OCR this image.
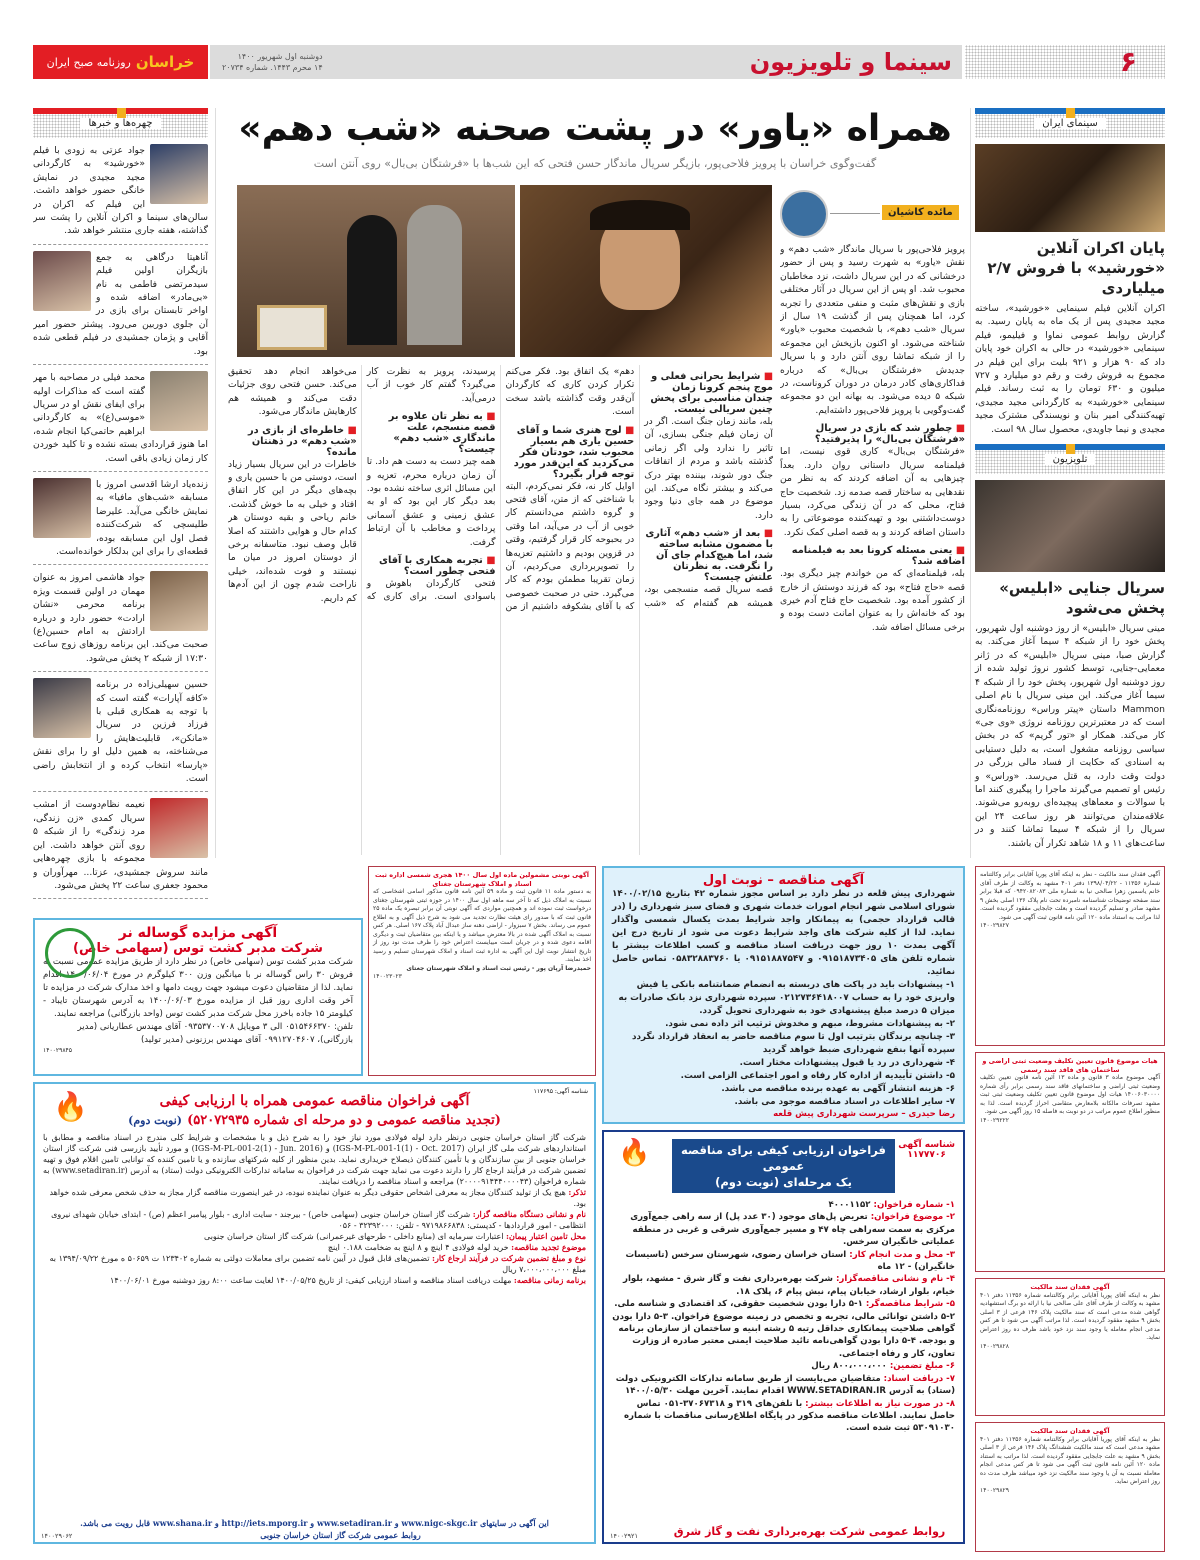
۶
سینما و تلویزیون
دوشنبه اول شهریور ۱۴۰۰
۱۴ محرم ۱۴۴۳. شماره ۲۰۷۳۴
خراسان
روزنامه صبح ایران
چهره‌ها و خبرها

جواد عزتی به زودی با فیلم «خورشید» به کارگردانی مجید مجیدی در نمایش خانگی حضور خواهد داشت. این فیلم که اکران در سالن‌های سینما و اکران آنلاین را پشت سر گذاشته، هفته جاری منتشر خواهد شد.

آناهیتا درگاهی به جمع بازیگران اولین فیلم سیدمرتضی فاطمی به نام «بی‌مادر» اضافه شده و اواخر تابستان برای بازی در آن جلوی دوربین می‌رود. پیشتر حضور امیر آقایی و پژمان جمشیدی در فیلم قطعی شده بود.

محمد فیلی در مصاحبه با مهر گفته است که مذاکرات اولیه برای ایفای نقش او در سریال «موسی(ع)» به کارگردانی ابراهیم حاتمی‌کیا انجام شده، اما هنوز قراردادی بسته نشده و تا کلید خوردن کار زمان زیادی باقی است.

زنده‌یاد ارشا اقدسی امروز با مسابقه «شب‌های مافیا» به نمایش خانگی می‌آید. علیرضا طلیسچی که شرکت‌کننده فصل اول این مسابقه بوده، قطعه‌ای را برای این بدلکار خوانده‌است.

جواد هاشمی امروز به عنوان مهمان در اولین قسمت ویژه برنامه محرمی «نشان ارادت» حضور دارد و درباره ارادتش به امام حسین(ع) صحبت می‌کند. این برنامه روزهای زوج ساعت ۱۷:۳۰ از شبکه ۲ پخش می‌شود.

حسین سهیلی‌زاده در برنامه «کافه آپارات» گفته است که با توجه به همکاری قبلی با فرزاد فرزین در سریال «مانکن»، قابلیت‌هایش را می‌شناخته، به همین دلیل او را برای نقش «پارسا» انتخاب کرده و از انتخابش راضی است.

نعیمه نظام‌دوست از امشب سریال کمدی «زن زندگی، مرد زندگی» را از شبکه ۵ روی آنتن خواهد داشت. این مجموعه با بازی چهره‌هایی مانند سروش جمشیدی، عزتا... مهرآوران و محمود جعفری ساعت ۲۲ پخش می‌شود.

همراه «یاور» در پشت صحنه «شب دهم»
گفت‌وگوی خراسان با پرویز فلاحی‌پور، بازیگر سریال ماندگار حسن فتحی که این شب‌ها با «فرشتگان بی‌بال» روی آنتن است
مائده کاشیان

پرویز فلاحی‌پور با سریال ماندگار «شب دهم» و نقش «یاور» به شهرت رسید و پس از حضور درخشانی که در این سریال داشت، نزد مخاطبان محبوب شد. او پس از این سریال در آثار مختلفی بازی و نقش‌های مثبت و منفی متعددی را تجربه کرد، اما همچنان پس از گذشت ۱۹ سال از سریال «شب دهم»، با شخصیت محبوب «یاور» شناخته می‌شود. او اکنون بازپخش این مجموعه را از شبکه تماشا روی آنتن دارد و با سریال جدیدش «فرشتگان بی‌بال» که درباره فداکاری‌های کادر درمان در دوران کروناست، در شبکه ۵ دیده می‌شود. به بهانه این دو مجموعه گفت‌وگویی با پرویز فلاحی‌پور داشته‌ایم.

■ چطور شد که بازی در سریال «فرشتگان بی‌بال» را پذیرفتید؟

«فرشتگان بی‌بال» کاری قوی نیست، اما فیلمنامه سریال داستانی روان دارد. بعداً چیزهایی به آن اضافه کردند که به نظر من نقدهایی به ساختار قصه صدمه زد. شخصیت حاج فتاح، محلی که در آن زندگی می‌کرد، بسیار دوست‌داشتنی بود و تهیه‌کننده موضوعاتی را به داستان اضافه کردند و به قصه اصلی کمک نکرد.

■ یعنی مسئله کرونا بعد به فیلمنامه اضافه شد؟

بله، فیلمنامه‌ای که من خواندم چیز دیگری بود. قصه «حاج فتاح» بود که فرزند دوستش از خارج از کشور آمده بود. شخصیت حاج فتاح آدم خیری بود که خانه‌اش را به عنوان امانت دست بوده و برخی مسائل اضافه شد.

■ شرایط بحرانی فعلی و موج پنجم کرونا زمان چندان مناسبی برای پخش چنین سریالی نیست.

بله، مانند زمان جنگ است. اگر در آن زمان فیلم جنگی بسازی، آن تاثیر را ندارد ولی اگر زمانی گذشته باشد و مردم از اتفاقات جنگ دور شوند، بیننده بهتر درک می‌کند و بیشتر نگاه می‌کند. این موضوع در همه جای دنیا وجود دارد.

■ بعد از «شب دهم» آثاری با مضمون مشابه ساخته شد، اما هیچ‌کدام جای آن را نگرفت. به نظرتان علتش چیست؟

قصه سریال قصه منسجمی بود، همیشه هم گفته‌ام که «شب دهم» یک اتفاق بود. فکر می‌کنم تکرار کردن کاری که کارگردان آن‌قدر وقت گذاشته باشد سخت است.

■ لوح هنری شما و آقای حسین یاری هم بسیار محبوب شد، خودتان فکر می‌کردید که این‌قدر مورد توجه قرار بگیرد؟

اوایل کار نه، فکر نمی‌کردم، البته با شناختی که از متن، آقای فتحی و گروه داشتم می‌دانستم کار خوبی از آب در می‌آید، اما وقتی در بحبوحه کار قرار گرفتیم، وقتی در قزوین بودیم و داشتیم تعزیه‌ها را تصویربرداری می‌کردیم، آن زمان تقریبا مطمئن بودم که کار می‌گیرد. حتی در صحبت خصوصی که با آقای بشکوفه داشتیم از من پرسیدند، پرویز به نظرت کار می‌گیرد؟ گفتم کار خوب از آب درمی‌آید.

■ به نظر تان علاوه بر قصه منسجم، علت ماندگاری «شب دهم» چیست؟

همه چیز دست به دست هم داد. تا آن زمان درباره محرم، تعزیه و این مسائل اثری ساخته نشده بود. بعد دیگر کار این بود که او به عشق زمینی و عشق آسمانی پرداخت و مخاطب با آن ارتباط گرفت.

■ تجربه همکاری با آقای فتحی چطور است؟

فتحی کارگردان باهوش و باسوادی است. برای کاری که می‌خواهد انجام دهد تحقیق می‌کند. حسن فتحی روی جزئیات دقت می‌کند و همیشه هم کارهایش ماندگار می‌شود.

■ خاطره‌ای از بازی در «شب دهم» در ذهنتان مانده؟

خاطرات در این سریال بسیار زیاد است، دوستی من با حسین یاری و بچه‌های دیگر در این کار اتفاق افتاد و خیلی به ما خوش گذشت. خانم ریاحی و بقیه دوستان هر کدام حال و هوایی داشتند که اصلا قابل وصف نبود. متاسفانه برخی از دوستان امروز در میان ما نیستند و فوت شده‌اند، خیلی ناراحت شدم چون از این آدم‌ها کم داریم.

سینمای ایران
پایان اکران آنلاین «خورشید» با فروش ۲/۷ میلیاردی

اکران آنلاین فیلم سینمایی «خورشید»، ساخته مجید مجیدی پس از یک ماه به پایان رسید. به گزارش روابط عمومی نماوا و فیلیمو، فیلم سینمایی «خورشید» در حالی به اکران خود پایان داد که ۹۰ هزار و ۹۲۱ بلیت برای این فیلم در مجموع به فروش رفت و رقم دو میلیارد و ۷۲۷ میلیون و ۶۳۰ تومان را به ثبت رساند. فیلم سینمایی «خورشید» به کارگردانی مجید مجیدی، تهیه‌کنندگی امیر بنان و نویسندگی مشترک مجید مجیدی و نیما جاویدی، محصول سال ۹۸ است.

تلویزیون
سریال جنایی «ابلیس» پخش می‌شود

مینی سریال «ابلیس» از روز دوشنبه اول شهریور، پخش خود را از شبکه ۴ سیما آغاز می‌کند. به گزارش صبا، مینی سریال «ابلیس» که در ژانر معمایی-جنایی، توسط کشور نروژ تولید شده از روز دوشنبه اول شهریور، پخش خود را از شبکه ۴ سیما آغاز می‌کند. این مینی سریال با نام اصلی Mammon داستان «پیتر وراس» روزنامه‌نگاری است که در معتبرترین روزنامه نروژی «وی جی» کار می‌کند. همکار او «تور گریم» که در بخش سیاسی روزنامه مشغول است، به دلیل دستیابی به اسنادی که حکایت از فساد مالی بزرگی در دولت وقت دارد، به قتل می‌رسد. «وراس» و رئیس او تصمیم می‌گیرند ماجرا را پیگیری کنند اما با سوالات و معماهای پیچیده‌ای روبه‌رو می‌شوند. علاقه‌مندان می‌توانند هر روز ساعت ۲۴ این سریال را از شبکه ۴ سیما تماشا کنند و در ساعت‌های ۱۱ و ۱۸ شاهد تکرار آن باشند.

آگهی نوبتی مشمولین ماده اول سال ۱۴۰۰ هجری شمسی اداره ثبت اسناد و املاک شهرستان جغتای
به دستور ماده ۱۱ قانون ثبت و ماده ۵۹ آئین نامه قانون مذکور اسامی اشخاصی که نسبت به املاک ذیل که تا آخر سه ماهه اول سال ۱۴۰۰ در حوزه ثبتی شهرستان جغتای درخواست ثبت نموده اند و همچنین مواردی که آگهی نوبتی آن برابر تبصره یک ماده ۲۵ قانون ثبت که با صدور رای هیئت نظارت تجدید می شود به شرح ذیل آگهی و به اطلاع عموم می رساند. بخش ۷ سبزوار - اراضی دهنه ساز عبدال آباد پلاک ۱۶۷ اصلی. هر کس نسبت به املاک آگهی شده در بالا معترض میباشد و یا اینکه بین متقاضیان ثبت و دیگری اقامه دعوی شده و در جریان است میبایست اعتراض خود را ظرف مدت نود روز از تاریخ انتشار نوبت اول این آگهی به اداره ثبت اسناد و املاک شهرستان تسلیم و رسید اخذ نمایند.
حمیدرضا آرپان پور - رئیس ثبت اسناد و املاک شهرستان جغتای
۱۴۰۰۲۳۰۲۳
آگهی مزایده گوساله نر
شرکت مدبر کشت توس (سهامی خاص)
شرکت مدبر کشت توس (سهامی خاص) در نظر دارد از طریق مزایده عمومی نسبت به فروش ۳۰ راس گوساله نر با میانگین وزن ۳۰۰ کیلوگرم در مورخ ۱۴۰۰/۰۶/۰۴ اقدام نماید. لذا از متقاضیان دعوت میشود جهت رویت دامها و اخذ مدارک شرکت در مزایده تا آخر وقت اداری روز قبل از مزایده مورخ ۱۴۰۰/۰۶/۰۳ به آدرس شهرستان تایباد - کیلومتر ۱۵ جاده باخرز محل شرکت مدبر کشت توس (واحد بازرگانی) مراجعه نمایند.
تلفن: ۰۵۱۵۴۶۶۳۷۰ الی ۳ موبایل ۰۹۳۵۳۷۰۰۷۰۸ آقای مهندس عطاریانی (مدیر بازرگانی)، ۰۹۹۱۲۷۰۴۶۰۷ آقای مهندس برزنونی (مدیر تولید)
۱۴۰۰۲۹۸۴۵
🔥	شناسه آگهی: ۱۱۷۶۹۵
آگهی فراخوان مناقصه عمومی همراه با ارزیابی کیفی
(تجدید مناقصه عمومی و دو مرحله ای شماره ۵۲۰۷۲۹۳۵) (نوبت دوم)
شرکت گاز استان خراسان جنوبی درنظر دارد لوله فولادی مورد نیاز خود را به شرح ذیل و با مشخصات و شرایط کلی مندرج در اسناد مناقصه و مطابق با استانداردهای شرکت ملی گاز ایران (IGS-M-PL-001-1(1) - Oct. 2017) و (IGS-M-PL-001-2(1) - Jun. 2016) و مورد تأیید بازرسی فنی شرکت گاز استان خراسان جنوبی از بین سازندگان و یا تأمین کنندگان ذیصلاح خریداری نماید. بدین منظور از کلیه شرکتهای سازنده و یا تامین کننده که توانایی تامین اقلام فوق و تهیه تضمین شرکت در فرآیند ارجاع کار را دارند دعوت می نماید جهت شرکت در فراخوان به سامانه تدارکات الکترونیکی دولت (ستاد) به آدرس (www.setadiran.ir) به شماره فراخوان (۲۰۰۰۰۹۱۴۴۴۰۰۰۰۴۳) مراجعه و اسناد مناقصه را دریافت نمایند.
تذکر: هیچ یک از تولید کنندگان مجاز به معرفی اشخاص حقوقی دیگر به عنوان نماینده نبوده، در غیر اینصورت مناقصه گزار مجاز به حذف شخص معرفی شده خواهد بود.
نام و نشانی دستگاه مناقصه گزار: شرکت گاز استان خراسان جنوبی (سهامی خاص) - بیرجند - سایت اداری - بلوار پیامبر اعظم (ص) - ابتدای خیابان شهدای نیروی انتظامی - امور قراردادها - کدپستی: ۹۷۱۹۸۶۶۸۳۸ - تلفن: ۳۲۳۹۲۰۰۰ - ۰۵۶
محل تامین اعتبار پیمان: اعتبارات سرمایه ای (منابع داخلی - طرحهای غیرعمرانی) شرکت گاز استان خراسان جنوبی
موضوع تجدید مناقصه: خرید لوله فولادی ۴ اینچ و ۸ اینچ به ضخامت ۰.۱۸۸ اینچ
نوع و مبلغ تضمین شرکت در فرآیند ارجاع کار: تضمین‌های قابل قبول در آیین نامه تضمین برای معاملات دولتی به شماره ۱۲۳۴۰۲ ت ۵۰۶۵۹ ه مورخ ۱۳۹۴/۰۹/۲۲ به مبلغ ۷،۰۰۰،۰۰۰،۰۰۰ ریال
برنامه زمانی مناقصه: مهلت دریافت اسناد مناقصه و اسناد ارزیابی کیفی: از تاریخ ۱۴۰۰/۰۵/۲۵ لغایت ساعت ۸:۰۰ روز دوشنبه مورخ ۱۴۰۰/۰۶/۰۱
این آگهی در سایتهای www.nigc-skgc.ir و www.setadiran.ir و http://iets.mporg.ir و www.shana.ir قابل رویت می باشد.
روابط عمومی شرکت گاز استان خراسان جنوبی
۱۴۰۰۲۹۰۶۲
آگهی مناقصه – نوبت اول
شهرداری پیش قلعه در نظر دارد بر اساس مجوز شماره ۴۲ بتاریخ ۱۴۰۰/۰۲/۱۵ شورای اسلامی شهر انجام امورات خدمات شهری و فضای سبز شهرداری را (در قالب قرارداد حجمی) به پیمانکار واجد شرایط بمدت یکسال شمسی واگذار نماید. لذا از کلیه شرکت های واجد شرایط دعوت می شود از تاریخ درج این آگهی بمدت ۱۰ روز جهت دریافت اسناد مناقصه و کسب اطلاعات بیشتر با شماره تلفن های ۰۹۱۵۱۸۷۳۴۰۵ و ۰۹۱۵۱۸۸۷۵۴۷ یا ۰۵۸۳۲۸۸۳۷۶۰ تماس حاصل نمائید.
۱- پیشنهادات باید در پاکت های دربسته به انضمام ضمانتنامه بانکی یا فیش واریزی خود را به حساب ۰۲۱۲۷۳۶۴۱۸۰۰۷ سپرده شهرداری نزد بانک صادرات به میزان ۵ درصد مبلغ پیشنهادی خود به شهرداری تحویل گردد.
۲- به پیشنهادات مشروط، مبهم و مخدوش ترتیب اثر داده نمی شود.
۳- چنانچه برندگان بترتیب اول تا سوم مناقصه حاضر به انعقاد قرارداد نگردد سپرده آنها بنفع شهرداری ضبط خواهد گردید
۴- شهرداری در رد یا قبول پیشنهادات مختار است.
۵- داشتن تأییدیه از اداره کار رفاه و امور اجتماعی الزامی است.
۶- هزینه انتشار آگهی به عهده برنده مناقصه می باشد.
۷- سایر اطلاعات در اسناد مناقصه موجود می باشد.
رضا حیدری – سرپرست شهرداری پیش قلعه
شناسه آگهی
۱۱۷۷۷۰۶
فراخوان ارزیابی کیفی برای مناقصه عمومی
یک مرحله‌ای (نوبت دوم)
🔥
۱- شماره فراخوان: ۴۰۰۰۱۱۵۲
۲- موضوع فراخوان: تعریض پل‌های موجود (۳۰ عدد پل) از سه راهی جمع‌آوری مرکزی به سمت سه‌راهی چاه ۴۷ و مسیر جمع‌آوری شرقی و غربی در منطقه عملیاتی خانگیران سرخس.
۳- محل و مدت انجام کار: استان خراسان رضوی، شهرستان سرخس (تاسیسات خانگیران) - ۱۲ ماه
۴- نام و نشانی مناقصه‌گزار: شرکت بهره‌برداری نفت و گاز شرق - مشهد، بلوار خیام، بلوار ارشاد، خیابان پیام، نبش پیام ۶، پلاک ۱۸.
۵- شرایط مناقصه‌گر: ۱-۵ دارا بودن شخصیت حقوقی، کد اقتصادی و شناسه ملی. ۲-۵ داشتن توانائی مالی، تجربه و تخصص در زمینه موضوع فراخوان. ۳-۵ دارا بودن گواهی صلاحیت پیمانکاری حداقل رتبه ۵ رشته ابنیه و ساختمان از سازمان برنامه و بودجه. ۴-۵ دارا بودن گواهی‌نامه تائید صلاحیت ایمنی معتبر صادره از وزارت تعاون، کار و رفاه اجتماعی.
۶- مبلغ تضمین: ۸۰۰،۰۰۰،۰۰۰ ریال
۷- دریافت اسناد: متقاضیان می‌بایست از طریق سامانه تدارکات الکترونیکی دولت (ستاد) به آدرس WWW.SETADIRAN.IR اقدام نمایند. آخرین مهلت ۱۴۰۰/۰۵/۳۰
۸- در صورت نیاز به اطلاعات بیشتر: با تلفن‌های ۳۱۹ و ۳۷۰۶۷۳۱۸-۰۵۱ تماس حاصل نمایند. اطلاعات مناقصه مذکور در پایگاه اطلاع‌رسانی مناقصات با شماره ۵۳۰۹۱۰۳۰ ثبت شده است.
روابط عمومی شرکت بهره‌برداری نفت و گاز شرق
۱۴۰۰۲۹۲۱
آگهی فقدان سند مالکیت - نظر به اینکه آقای پوریا آقایانی برابر وکالتنامه شماره ۱۱۳۵۶ - ۱۳۹۸/۰۴/۲۲ دفتر ۴۰۱ مشهد به وکالت از طرف آقای خانم یاسمین زهرا صالحی نیا به شماره ملی ۰۹۴۲۰۸۲۰۸۳ که قبلا برابر سند صفحه توضیحات شناسنامه نامبرده تحت نام پلاک ۱۳۶ اصلی بخش ۹ مشهد صادر و تسلیم گردیده است و بعلت جابجایی مفقود گردیده است. لذا مراتب به استناد ماده ۱۲۰ آئین نامه قانون ثبت آگهی می شود.
۱۴۰۰۲۹۸۲۷
هیات موضوع قانون تعیین تکلیف وضعیت ثبتی اراضی و ساختمان های فاقد سند رسمی
آگهی موضوع ماده ۳ قانون و ماده ۱۳ آئین نامه قانون تعیین تکلیف وضعیت ثبتی اراضی و ساختمانهای فاقد سند رسمی برابر رأی شماره ۱۴۰۰۶۰۳۰۰۰۰ هیات اول موضوع قانون تعیین تکلیف وضعیت ثبتی ثبت مشهد تصرفات مالکانه بلامعارض متقاضی احراز گردیده است. لذا به منظور اطلاع عموم مراتب در دو نوبت به فاصله ۱۵ روز آگهی می شود.
۱۴۰۰۲۹۲۲۲
آگهی فقدان سند مالکیت
نظر به اینکه آقای پوریا آقایانی برابر وکالتنامه شماره ۱۱۳۵۶ دفتر ۴۰۱ مشهد به وکالت از طرف آقای علی صالحی نیا با ارائه دو برگ استشهادیه گواهی شده مدعی است که سند مالکیت پلاک ۱۴۶ فرعی از ۳ اصلی بخش ۹ مشهد مفقود گردیده است. لذا مراتب آگهی می شود تا هر کس مدعی انجام معامله یا وجود سند نزد خود باشد ظرف ده روز اعتراض نماید.
۱۴۰۰۲۹۸۲۸
آگهی فقدان سند مالکیت
نظر به اینکه آقای پوریا آقایانی برابر وکالتنامه شماره ۱۱۳۵۶ دفتر ۴۰۱ مشهد مدعی است که سند مالکیت ششدانگ پلاک ۱۴۶ فرعی از ۳ اصلی بخش ۹ مشهد به علت جابجایی مفقود گردیده است. لذا مراتب به استناد ماده ۱۲۰ آئین نامه قانون ثبت آگهی می شود تا هر کس مدعی انجام معامله نسبت به آن یا وجود سند مالکیت نزد خود میباشد ظرف مدت ده روز اعتراض نماید.
۱۴۰۰۲۹۸۲۹
